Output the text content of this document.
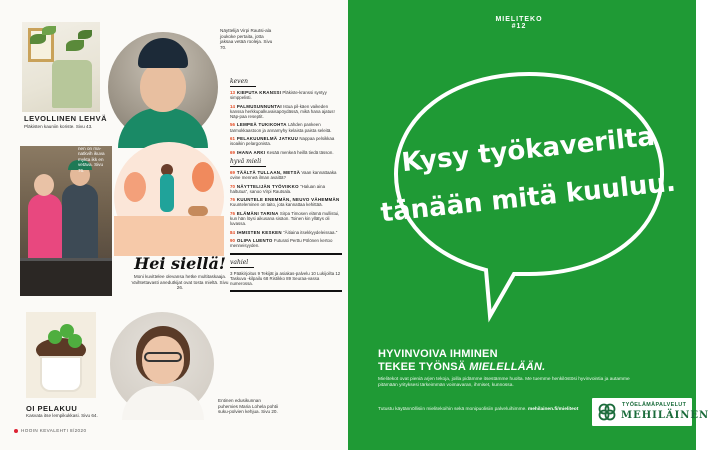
LEVOLLINEN LEHVÄ
Pläkisten kauniin koriste. Sivu 43.
Sirpa Timo-nen on ma-natkvih ikuva mykta ikk en vetäva. Sivu 76.
OI PELAKUU
Kasvata itse lempikukkasi. Sivu 64.
Näyttelijä Virpi Rautsi-ala joukoke pertaita, jotta jaksaa vetää rooleja. Sivu 70.
Hei siellä!
Moni kuvittelee olevansa hetke multitaskaaja. Vaihtettavasti anedutkijat ovat tosta mieltä. Sivu 26.
Entinen edusikunnan puhemies Maria Lohela pohtii suku-polvien kehjua. Sivu 20.
keven
13 KIEPUTA KRANSSI Pläkiste-kranssi syntyy simppelisti.
14 PALMUSUNNUNTAI Istua pil-käen vaikeden kanssa herkkupalkuvaisapöydässä, mikä hana ajatus! Näp-paa reseptit.
56 LEMPEÄ TUKIKOHTA Lähden pankeen tarmokkaastoon ja annamyhy kelaista paista seleitä.
61 PELAKUUNELMÄ JATKUU Nappaa pelsikkaa isoaikin pelargonista.
69 IHANA ARKI Kesää menkeä heillä tiedä tässon.
hyvä mieli
69 TÄÄLTÄ TULLAAN, METSÄ Vaan kannattaaka ovine menneä ilman avaittä?
70 NÄYTTELIJÄN TYÖVIIKKO "Haluan aina haltutua", sanoo Virpi Rautsala.
76 KUUNTELE ENEMMÄN, NEUVO VÄHEMMÄN Kuunteleminen on taito, jota kannattaa kehittää.
76 ELÄMÄNI TARINA Sirpa Timosen elämä mullistui, kun hän löysi aikusana sisäon. Toinen kin yllätys oli luvassa.
84 IHMISTEN KESKEN "Äitiaina itsekkyydeleissaa."
90 OLIPA LUENTO Futurati Perttu Pölönen kertoo menneisyyden.
vahiel
3 Pääkirjoitus 9 Tekijät ja asiakas-palvelu 10 Lukijoilta 12 Taskuva -kilpailu 68 Ristikko 89 Seuraa-vassa numerossa.
HOOIN KEVALEHTI 8/2020
MIELITEKO #12
Kysy työkaverilta
tänään mitä kuuluu.
HYVINVOIVA IHMINEN
TEKEE TYÖNSÄ MIELELLÄÄN.
Mielitekot ovat pieniä arjen tekoja, joilla pidämme itsestämme huolta. Me tuemme henkilöstösi hyvinvointia ja autamme pitämään yrityksesi tärkeimmän voimavaran, ihmiset, kunnossa.
Tutustu käytännöllisiin mielitekoihin sekä monipuolisiin palveluihimme. mehilainen.fi/mieliteot
TYÖELÄMÄPALVELUT
MEHILÄINEN
